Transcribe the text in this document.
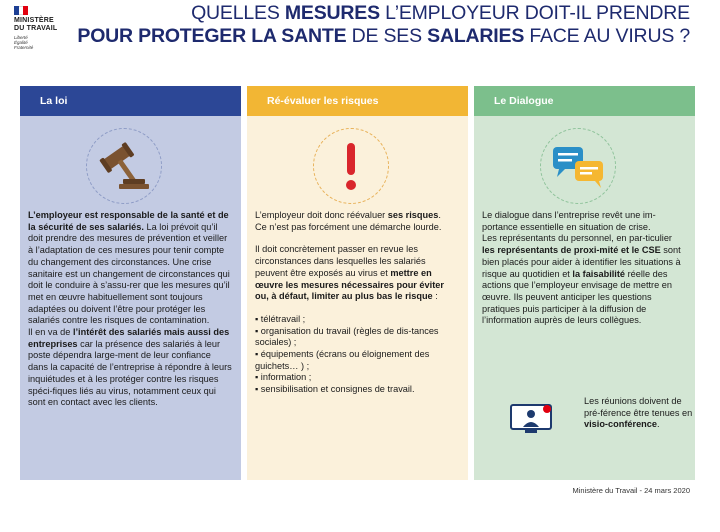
MINISTÈRE
DU TRAVAIL
Liberté
Égalité
Fraternité
QUELLES MESURES L’EMPLOYEUR DOIT-IL PRENDRE
POUR PROTEGER LA SANTE DE SES SALARIES FACE AU VIRUS ?
La loi

L’employeur est responsable de la santé et de la sécurité de ses salariés. La loi prévoit qu’il doit prendre des mesures de prévention et veiller à l’adaptation de ces mesures pour tenir compte du changement des circonstances. Une crise sanitaire est un changement de circonstances qui doit le conduire à s’assu-rer que les mesures qu’il met en œuvre habituellement sont toujours adaptées ou doivent l’être pour protéger les salariés contre les risques de contamination.

Il en va de l’intérêt des salariés mais aussi des entreprises car la présence des salariés à leur poste dépendra large-ment de leur confiance dans la capacité de l’entreprise à répondre à leurs inquiétudes et à les protéger contre les risques spéci-fiques liés au virus, notamment ceux qui sont en contact avec les clients.

Ré-évaluer les risques

L’employeur doit donc réévaluer ses risques.

Ce n’est pas forcément une démarche lourde.

Il doit concrètement passer en revue les circonstances dans lesquelles les salariés peuvent être exposés au virus et mettre en œuvre les mesures nécessaires pour éviter ou, à défaut, limiter au plus bas le risque :

▪ télétravail ;
▪ organisation du travail (règles de dis-tances sociales) ;
▪ équipements (écrans ou éloignement des guichets… ) ;
▪ information ;
▪ sensibilisation et consignes de travail.
Le Dialogue

Le dialogue dans l’entreprise revêt une im-portance essentielle en situation de crise.

Les représentants du personnel, en par-ticulier les représentants de proxi-mité et le CSE sont bien placés pour aider à identifier les situations à risque au quotidien et la faisabilité réelle des actions que l’employeur envisage de mettre en œuvre. Ils peuvent anticiper les questions pratiques puis participer à la diffusion de l’information auprès de leurs collègues.

Les réunions doivent de pré-férence être tenues en visio-conférence.
Ministère du Travail - 24 mars 2020
